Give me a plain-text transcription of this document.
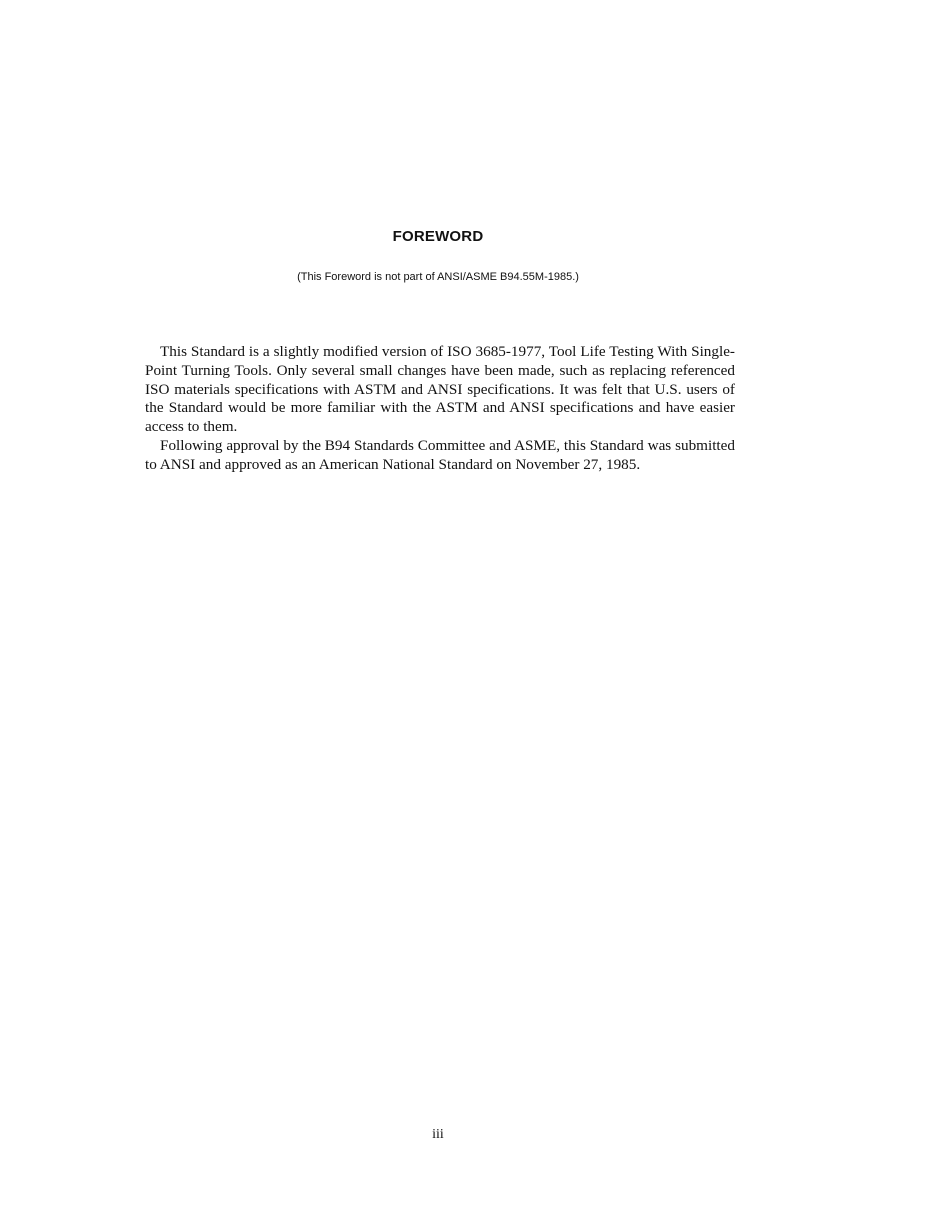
FOREWORD

(This Foreword is not part of ANSI/ASME B94.55M-1985.)

This Standard is a slightly modified version of ISO 3685-1977, Tool Life Testing With Single-Point Turning Tools. Only several small changes have been made, such as replacing referenced ISO materials specifications with ASTM and ANSI specifications. It was felt that U.S. users of the Standard would be more familiar with the ASTM and ANSI specifications and have easier access to them.

Following approval by the B94 Standards Committee and ASME, this Standard was submitted to ANSI and approved as an American National Standard on November 27, 1985.

iii
